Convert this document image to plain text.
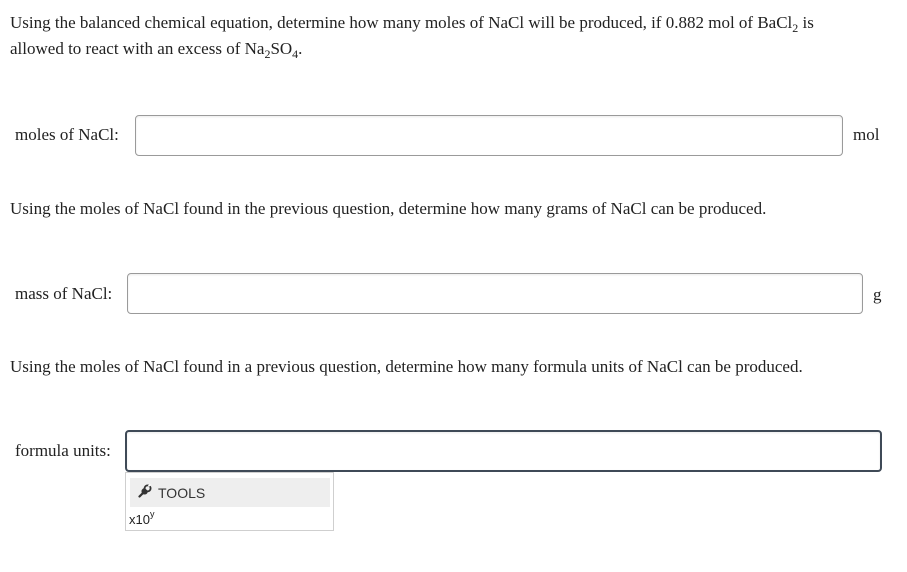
Using the balanced chemical equation, determine how many moles of NaCl will be produced, if 0.882 mol of BaCl$_2$ is
allowed to react with an excess of $Na_2SO_4$.
moles of NaCl:	mol
Using the moles of NaCl found in the previous question, determine how many grams of NaCl can be produced.
mass of NaCl:	g
Using the moles of NaCl found in a previous question, determine how many formula units of NaCl can be produced.
formula units:
TOOLS
x10$^y$
